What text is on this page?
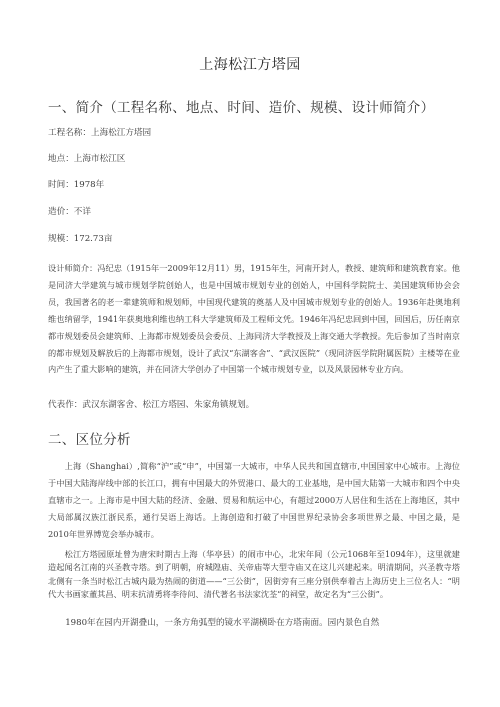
上海松江方塔园
一、简介（工程名称、地点、时间、造价、规模、设计师简介）
工程名称：上海松江方塔园
地点：上海市松江区
时间：1978年
造价：不详
规模：172.73亩
设计师简介：冯纪忠（1915年一2009年12月11）男，1915年生，河南开封人，教授、建筑师和建筑教育家。他是同济大学建筑与城市规划学院创始人，也是中国城市规划专业的创始人，中国科学院院士、美国建筑师协会会员，我国著名的老一辈建筑师和规划师，中国现代建筑的奠基人及中国城市规划专业的创始人。1936年赴奥地利维也纳留学，1941年获奥地利维也纳工科大学建筑师及工程师文凭。1946年冯纪忠回到中国，回国后，历任南京都市规划委员会建筑师、上海都市规划委员会委员、上海同济大学教授及上海交通大学教授。先后参加了当时南京的都市规划及解放后的上海都市规划，设计了武汉“东湖客舍”、“武汉医院”（现同济医学院附属医院）主楼等在业内产生了重大影响的建筑，并在同济大学创办了中国第一个城市规划专业，以及风景园林专业方向。
代表作：武汉东湖客舍、松江方塔园、朱家角镇规划。
二、区位分析
　　上海（Shanghai）,简称“沪”或“申”，中国第一大城市，中华人民共和国直辖市,中国国家中心城市。上海位于中国大陆海岸线中部的长江口，拥有中国最大的外贸港口、最大的工业基地，是中国大陆第一大城市和四个中央直辖市之一。上海市是中国大陆的经济、金融、贸易和航运中心，有超过2000万人居住和生活在上海地区，其中大局部属汉族江浙民系，通行吴语上海话。上海创造和打破了中国世界纪录协会多项世界之最、中国之最，是2010年世界博览会举办城市。
　　松江方塔园原址曾为唐宋时期古上海（华亭县）的闹市中心，北宋年间（公元1068年至1094年），这里就建造起闻名江南的兴圣教寺塔。到了明朝，府城隍庙、关帝庙等大型寺庙又在这儿兴建起来。明清期间，兴圣教寺塔北侧有一条当时松江古城内最为热闹的街道——“三公街”，因街旁有三座分别供奉着古上海历史上三位名人：“明代大书画家董其昌、明末抗清勇将李待问、清代著名书法家沈荃”的祠堂，故定名为“三公街”。
　　1980年在园内开湖叠山，一条方角弧型的镜水平湖横卧在方塔南面。园内景色自然
